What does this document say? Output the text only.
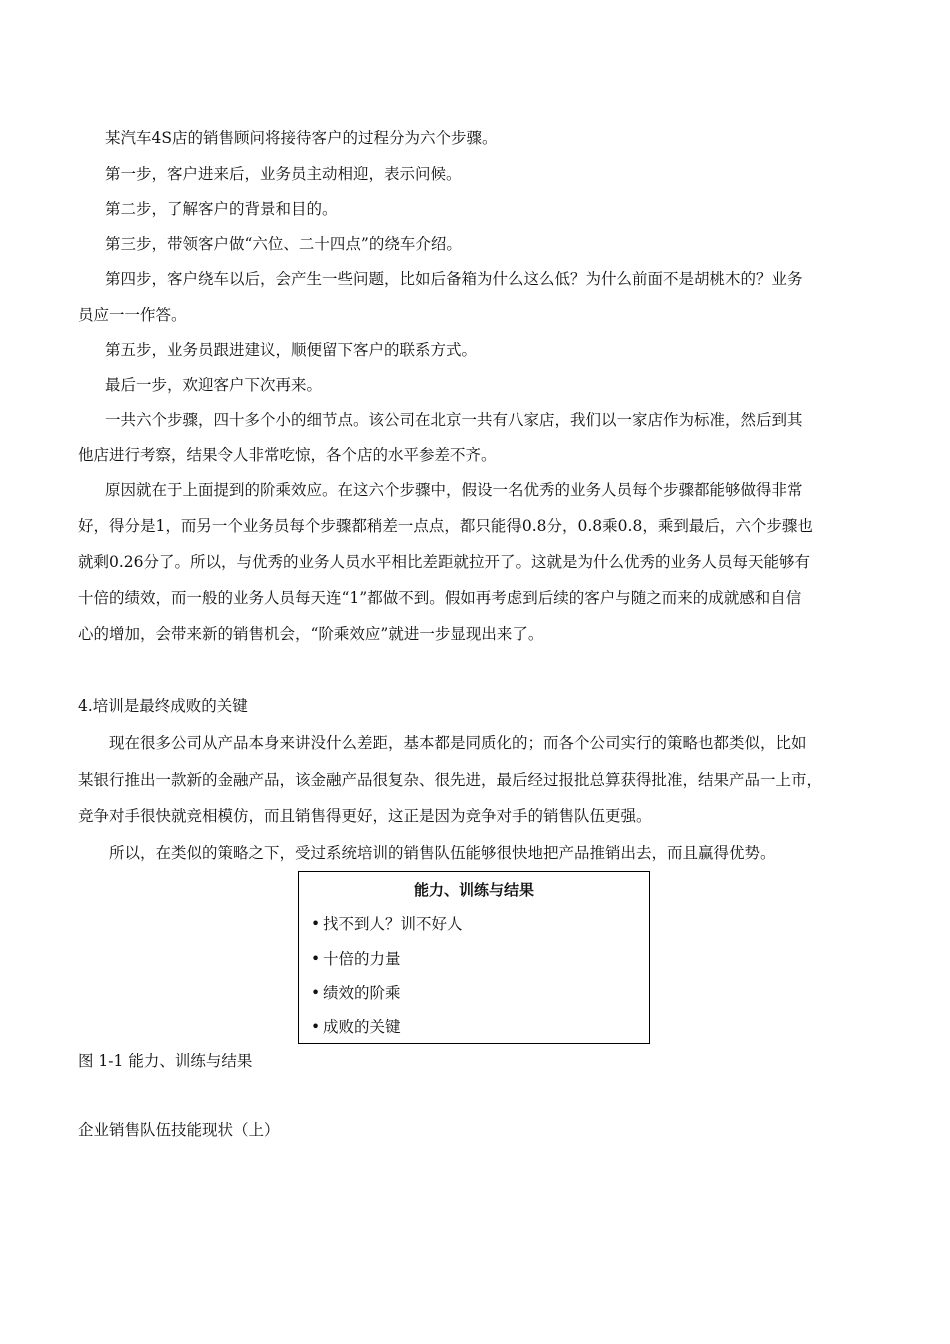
某汽车4S店的销售顾问将接待客户的过程分为六个步骤。
第一步，客户进来后，业务员主动相迎，表示问候。
第二步，了解客户的背景和目的。
第三步，带领客户做“六位、二十四点”的绕车介绍。
第四步，客户绕车以后，会产生一些问题，比如后备箱为什么这么低？为什么前面不是胡桃木的？业务
员应一一作答。
第五步，业务员跟进建议，顺便留下客户的联系方式。
最后一步，欢迎客户下次再来。
一共六个步骤，四十多个小的细节点。该公司在北京一共有八家店，我们以一家店作为标准，然后到其
他店进行考察，结果令人非常吃惊，各个店的水平参差不齐。
原因就在于上面提到的阶乘效应。在这六个步骤中，假设一名优秀的业务人员每个步骤都能够做得非常
好，得分是1，而另一个业务员每个步骤都稍差一点点，都只能得0.8分，0.8乘0.8，乘到最后，六个步骤也
就剩0.26分了。所以，与优秀的业务人员水平相比差距就拉开了。这就是为什么优秀的业务人员每天能够有
十倍的绩效，而一般的业务人员每天连“1”都做不到。假如再考虑到后续的客户与随之而来的成就感和自信
心的增加，会带来新的销售机会，“阶乘效应”就进一步显现出来了。
4.培训是最终成败的关键
现在很多公司从产品本身来讲没什么差距，基本都是同质化的；而各个公司实行的策略也都类似，比如
某银行推出一款新的金融产品，该金融产品很复杂、很先进，最后经过报批总算获得批准，结果产品一上市，
竞争对手很快就竞相模仿，而且销售得更好，这正是因为竞争对手的销售队伍更强。
所以，在类似的策略之下，受过系统培训的销售队伍能够很快地把产品推销出去，而且赢得优势。
能力、训练与结果
• 找不到人？训不好人
• 十倍的力量
• 绩效的阶乘
• 成败的关键
图 1-1 能力、训练与结果
企业销售队伍技能现状（上）
